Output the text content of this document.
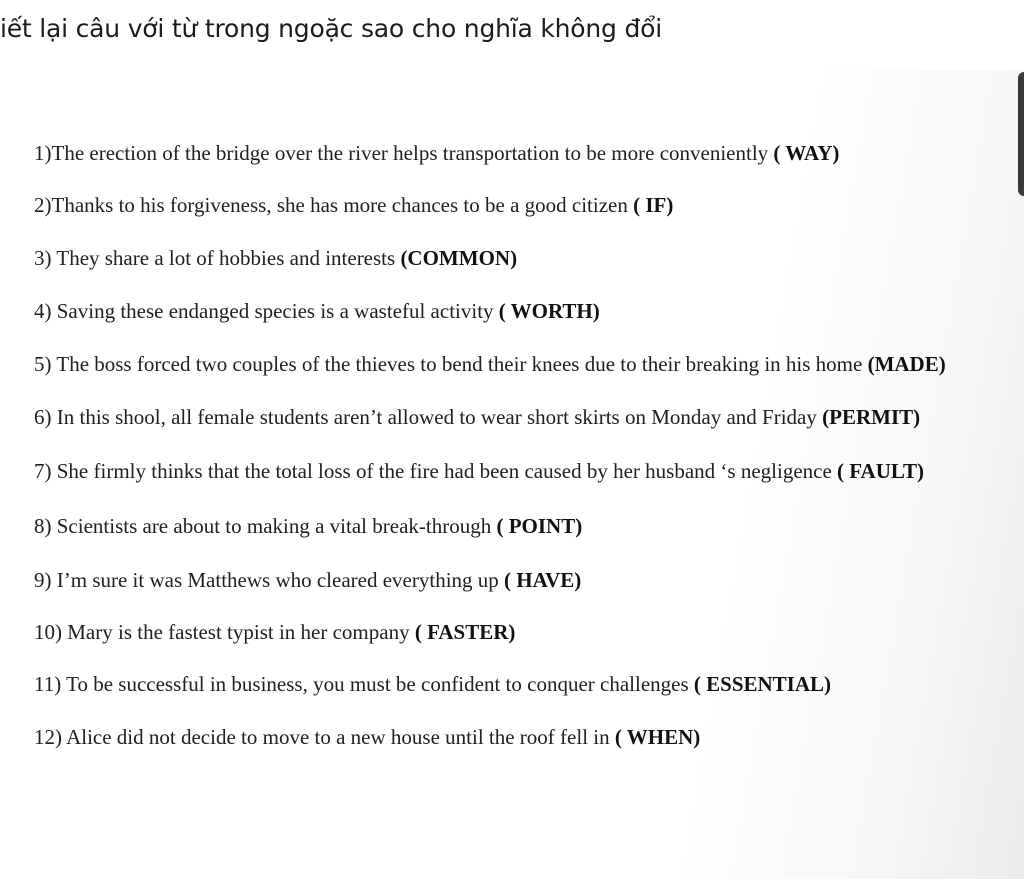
iết lại câu với từ trong ngoặc sao cho nghĩa không đổi
1)The erection of the bridge over the river helps transportation to be more conveniently ( WAY)
2)Thanks to his forgiveness, she has more chances to be a good citizen ( IF)
3) They share a lot of hobbies and interests (COMMON)
4) Saving these endanged species is a wasteful activity ( WORTH)
5) The boss forced two couples of the thieves to bend their knees due to their breaking in his home (MADE)
6) In this shool, all female students aren’t allowed to wear short skirts on Monday and Friday (PERMIT)
7) She firmly thinks that the total loss of the fire had been caused by her husband ‘s negligence ( FAULT)
8) Scientists are about to making a vital break-through ( POINT)
9) I’m sure it was Matthews who cleared everything up ( HAVE)
10) Mary is the fastest typist in her company ( FASTER)
11) To be successful in business, you must be confident to conquer challenges ( ESSENTIAL)
12) Alice did not decide to move to a new house until the roof fell in ( WHEN)
